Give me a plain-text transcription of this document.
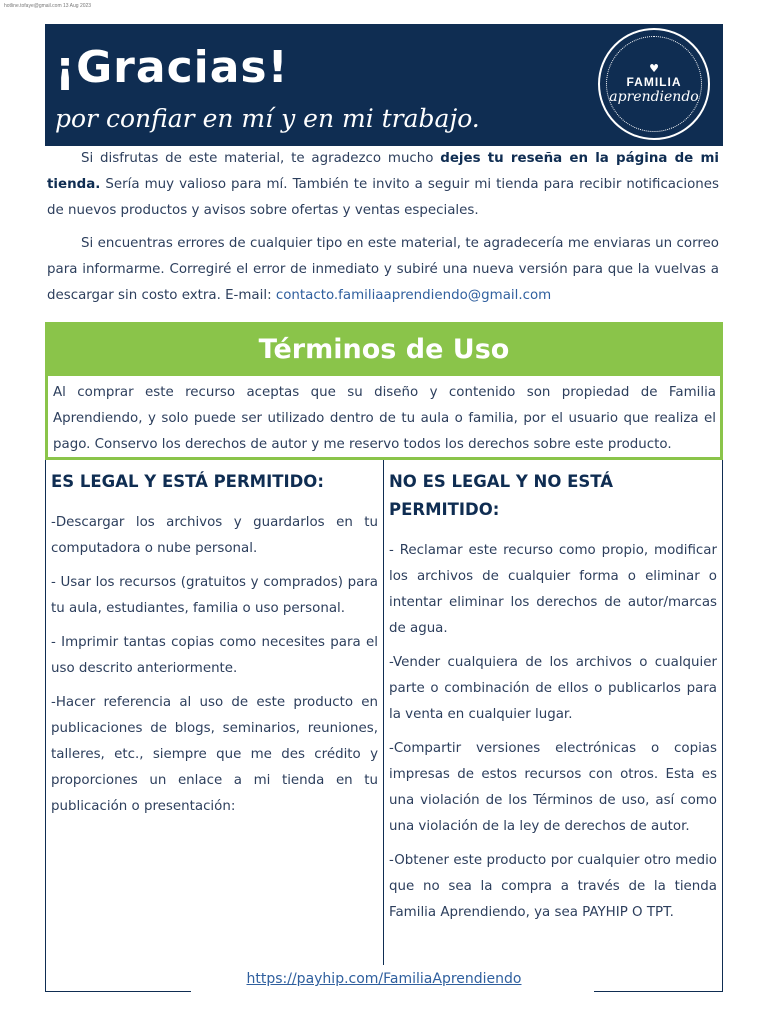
hotline.tofaye@gmail.com 13 Aug 2023
¡Gracias!
por confiar en mí y en mi trabajo.
♥
FAMILIA
aprendiendo

Si disfrutas de este material, te agradezco mucho dejes tu reseña en la página de mi tienda. Sería muy valioso para mí. También te invito a seguir mi tienda para recibir notificaciones de nuevos productos y avisos sobre ofertas y ventas especiales.

Si encuentras errores de cualquier tipo en este material, te agradecería me enviaras un correo para informarme. Corregiré el error de inmediato y subiré una nueva versión para que la vuelvas a descargar sin costo extra. E-mail: contacto.familiaaprendiendo@gmail.com

Términos de Uso

Al comprar este recurso aceptas que su diseño y contenido son propiedad de Familia Aprendiendo, y solo puede ser utilizado dentro de tu aula o familia, por el usuario que realiza el pago. Conservo los derechos de autor y me reservo todos los derechos sobre este producto.

ES LEGAL Y ESTÁ PERMITIDO:

-Descargar los archivos y guardarlos en tu computadora o nube personal.

- Usar los recursos (gratuitos y comprados) para tu aula, estudiantes, familia o uso personal.

- Imprimir tantas copias como necesites para el uso descrito anteriormente.

-Hacer referencia al uso de este producto en publicaciones de blogs, seminarios, reuniones, talleres, etc., siempre que me des crédito y proporciones un enlace a mi tienda en tu publicación o presentación:

NO ES LEGAL Y NO ESTÁ PERMITIDO:

- Reclamar este recurso como propio, modificar los archivos de cualquier forma o eliminar o intentar eliminar los derechos de autor/marcas de agua.

-Vender cualquiera de los archivos o cualquier parte o combinación de ellos o publicarlos para la venta en cualquier lugar.

-Compartir versiones electrónicas o copias impresas de estos recursos con otros. Esta es una violación de los Términos de uso, así como una violación de la ley de derechos de autor.

-Obtener este producto por cualquier otro medio que no sea la compra a través de la tienda Familia Aprendiendo, ya sea PAYHIP O TPT.

https://payhip.com/FamiliaAprendiendo
